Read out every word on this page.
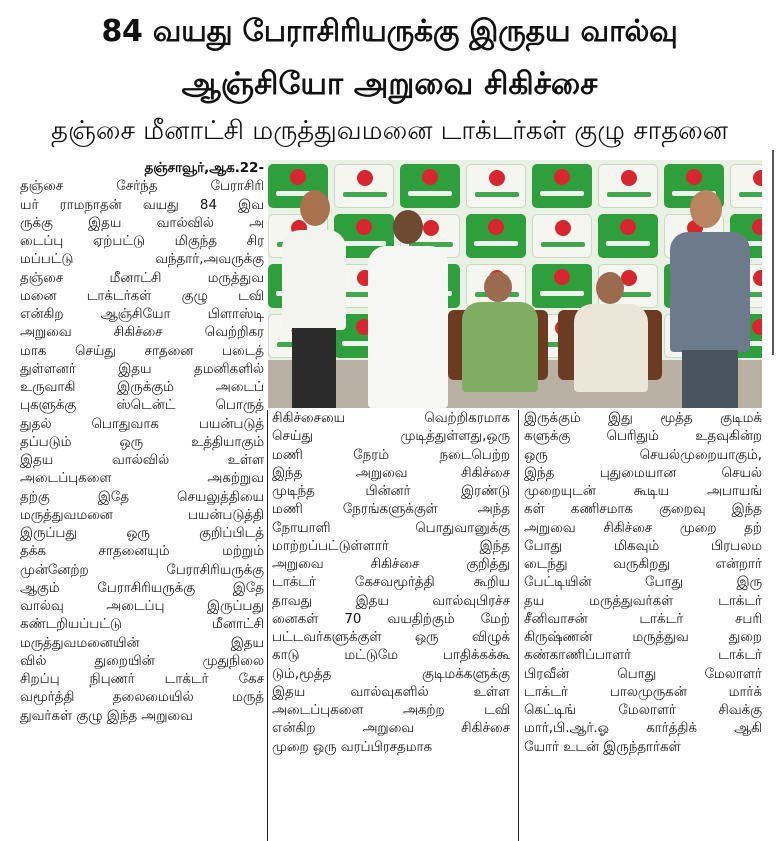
84 வயது பேராசிரியருக்கு இருதய வால்வு
ஆஞ்சியோ அறுவை சிகிச்சை
தஞ்சை மீனாட்சி மருத்துவமனை டாக்டர்கள் குழு சாதனை
தஞ்சாவூர்,ஆக.22-
தஞ்சை சேர்ந்த பேராசிரி
யர் ராமநாதன் வயது 84 இவ
ருக்கு இதய வால்வில் அ
டைப்பு ஏற்பட்டு மிகுந்த சிர
மப்பட்டு வந்தார்,அவருக்கு
தஞ்சை மீனாட்சி மருத்துவ
மனை டாக்டர்கள் குழு டவி
என்கிற ஆஞ்சியோ பிளாஸ்டி
அறுவை சிகிச்சை வெற்றிகர
மாக செய்து சாதனை படைத்
துள்ளனர் இதய தமனிகளில்
உருவாகி இருக்கும் அடைப்
புகளுக்கு ஸ்டென்ட் பொருத்
துதல் பொதுவாக பயன்படுத்
தப்படும் ஒரு உத்தியாகும்
இதய வால்வில் உள்ள
அடைப்புகளை அகற்றுவ
தற்கு இதே செயலுத்தியை
மருத்துவமனை பயன்படுத்தி
இருப்பது ஒரு குறிப்பிடத்
தக்க சாதனையும் மற்றும்
முன்னேற்ற பேராசிரியருக்கு
ஆகும் பேராசிரியருக்கு இதே
வால்வு அடைப்பு இருப்பது
கண்டறியப்பட்டு மீனாட்சி
மருத்துவமனையின் இதய
வில் துறையின் முதுநிலை
சிறப்பு நிபுணர் டாக்டர் கேச
வமூர்த்தி தலைமையில் மருத்
துவர்கள் குழு இந்த அறுவை
சிகிச்சையை வெற்றிகரமாக
செய்து முடித்துள்ளது,ஒரு
மணி நேரம் நடைபெற்ற
இந்த அறுவை சிகிச்சை
முடிந்த பின்னர் இரண்டு
மணி நேரங்களுக்குள் அந்த
நோயாளி பொதுவானுக்கு
மாற்றப்பட்டுள்ளார் இந்த
அறுவை சிகிச்சை குறித்து
டாக்டர் கேசவமூர்த்தி கூறிய
தாவது இதய வால்வுபிரச்ச
னைகள் 70 வயதிற்கும் மேற்
பட்டவர்களுக்குள் ஒரு விழுக்
காடு மட்டுமே பாதிக்கக்கூ
டும்,மூத்த குடிமக்களுக்கு
இதய வால்வுகளில் உள்ள
அடைப்புகளை அகற்ற டவி
என்கிற அறுவை சிகிச்சை
முறை ஒரு வரப்பிரசதமாக
இருக்கும் இது மூத்த குடிமக்
களுக்கு பெரிதும் உதவுகின்ற
ஒரு செயல்முறையாகும்,
இந்த புதுமையான செயல்
முறையுடன் கூடிய அபாயங்
கள் கணிசமாக குறைவு இந்த
அறுவை சிகிச்சை முறை தற்
போது மிகவும் பிரபலம
டைந்து வருகிறது என்றார்
பேட்டியின் போது இரு
தய மருத்துவர்கள் டாக்டர்
சீனிவாசன் டாக்டர் சபரி
கிருஷ்ணன் மருத்துவ துறை
கண்காணிப்பாளர் டாக்டர்
பிரவீன் பொது மேலாளர்
டாக்டர் பாலமுருகன் மார்க்
கெட்டிங் மேலாளர் சிவக்கு
மார்,பி.ஆர்.ஓ கார்த்திக் ஆகி
யோர் உடன் இருந்தார்கள்
